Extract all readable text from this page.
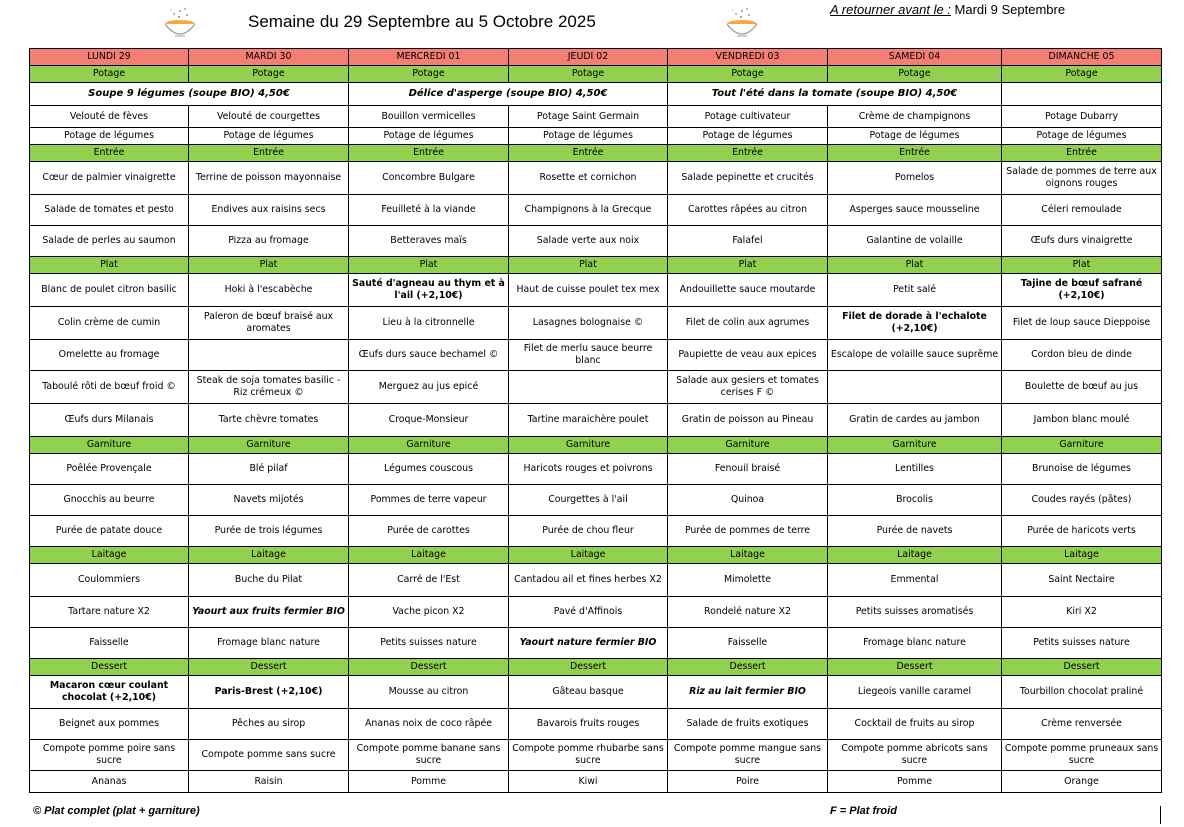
Semaine du 29 Septembre au 5 Octobre 2025
A retourner avant le : Mardi 9 Septembre
LUNDI 29	MARDI 30	MERCREDI 01	JEUDI 02	VENDREDI 03	SAMEDI 04	DIMANCHE 05
Potage	Potage	Potage	Potage	Potage	Potage	Potage
Soupe 9 légumes (soupe BIO) 4,50€		Délice d'asperge (soupe BIO) 4,50€		Tout l'été dans la tomate (soupe BIO) 4,50€		
Velouté de fèves	Velouté de courgettes	Bouillon vermicelles	Potage Saint Germain	Potage cultivateur	Crème de champignons	Potage Dubarry
Potage de légumes	Potage de légumes	Potage de légumes	Potage de légumes	Potage de légumes	Potage de légumes	Potage de légumes
Entrée	Entrée	Entrée	Entrée	Entrée	Entrée	Entrée
Cœur de palmier vinaigrette	Terrine de poisson mayonnaise	Concombre Bulgare	Rosette et cornichon	Salade pepinette et crucités	Pomelos	Salade de pommes de terre aux oignons rouges
Salade de tomates et pesto	Endives aux raisins secs	Feuilleté à la viande	Champignons à la Grecque	Carottes râpées au citron	Asperges sauce mousseline	Céleri remoulade
Salade de perles au saumon	Pizza au fromage	Betteraves maïs	Salade verte aux noix	Falafel	Galantine de volaille	Œufs durs vinaigrette
Plat	Plat	Plat	Plat	Plat	Plat	Plat
Blanc de poulet citron basilic	Hoki à l'escabèche	Sauté d'agneau au thym et à l'ail (+2,10€)	Haut de cuisse poulet tex mex	Andouillette sauce moutarde	Petit salé	Tajine de bœuf safrané (+2,10€)
Colin crème de cumin	Paleron de bœuf braisé aux aromates	Lieu à la citronnelle	Lasagnes bolognaise ©	Filet de colin aux agrumes	Filet de dorade à l'echalote (+2,10€)	Filet de loup sauce Dieppoise
Omelette au fromage		Œufs durs sauce bechamel ©	Filet de merlu sauce beurre blanc	Paupiette de veau aux epices	Escalope de volaille sauce suprême	Cordon bleu de dinde
Taboulé rôti de bœuf froid ©	Steak de soja tomates basilic - Riz crémeux ©	Merguez au jus epicé		Salade aux gesiers et tomates cerises F ©		Boulette de bœuf au jus
Œufs durs Milanais	Tarte chèvre tomates	Croque-Monsieur	Tartine maraichère poulet	Gratin de poisson au Pineau	Gratin de cardes au jambon	Jambon blanc moulé
Garniture	Garniture	Garniture	Garniture	Garniture	Garniture	Garniture
Poêlée Provençale	Blé pilaf	Légumes couscous	Haricots rouges et poivrons	Fenouil braisé	Lentilles	Brunoise de légumes
Gnocchis au beurre	Navets mijotés	Pommes de terre vapeur	Courgettes à l'ail	Quinoa	Brocolis	Coudes rayés (pâtes)
Purée de patate douce	Purée de trois légumes	Purée de carottes	Purée de chou fleur	Purée de pommes de terre	Purée de navets	Purée de haricots verts
Laitage	Laitage	Laitage	Laitage	Laitage	Laitage	Laitage
Coulommiers	Buche du Pilat	Carré de l'Est	Cantadou ail et fines herbes X2	Mimolette	Emmental	Saint Nectaire
Tartare nature X2	Yaourt aux fruits fermier BIO	Vache picon X2	Pavé d'Affinois	Rondelé nature X2	Petits suisses aromatisés	Kiri X2
Faisselle	Fromage blanc nature	Petits suisses nature	Yaourt nature fermier BIO	Faisselle	Fromage blanc nature	Petits suisses nature
Dessert	Dessert	Dessert	Dessert	Dessert	Dessert	Dessert
Macaron cœur coulant chocolat (+2,10€)	Paris-Brest (+2,10€)	Mousse au citron	Gâteau basque	Riz au lait fermier BIO	Liegeois vanille caramel	Tourbillon chocolat praliné
Beignet aux pommes	Pêches au sirop	Ananas noix de coco râpée	Bavarois fruits rouges	Salade de fruits exotiques	Cocktail de fruits au sirop	Crème renversée
Compote pomme poire sans sucre	Compote pomme sans sucre	Compote pomme banane sans sucre	Compote pomme rhubarbe sans sucre	Compote pomme mangue sans sucre	Compote pomme abricots sans sucre	Compote pomme pruneaux sans sucre
Ananas	Raisin	Pomme	Kiwi	Poire	Pomme	Orange
© Plat complet (plat + garniture)	F = Plat froid
